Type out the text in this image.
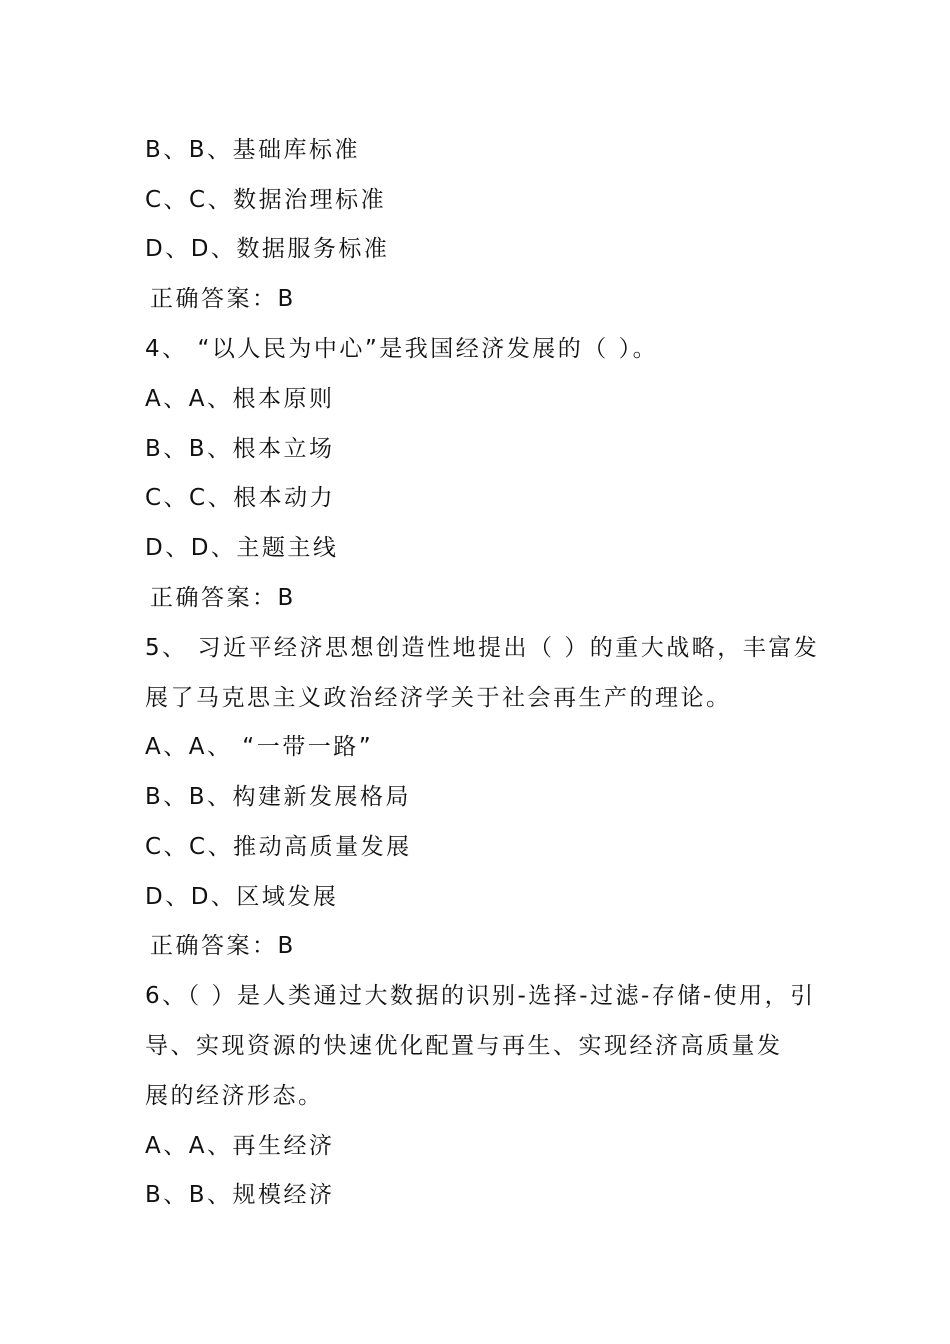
B、B、基础库标准
C、C、数据治理标准
D、D、数据服务标准
正确答案：B
4、 “以人民为中心”是我国经济发展的（ ）。
A、A、根本原则
B、B、根本立场
C、C、根本动力
D、D、主题主线
正确答案：B
5、 习近平经济思想创造性地提出（ ）的重大战略，丰富发
展了马克思主义政治经济学关于社会再生产的理论。
A、A、 “一带一路”
B、B、构建新发展格局
C、C、推动高质量发展
D、D、区域发展
正确答案：B
6、（ ）是人类通过大数据的识别-选择-过滤-存储-使用，引
导、实现资源的快速优化配置与再生、实现经济高质量发
展的经济形态。
A、A、再生经济
B、B、规模经济
